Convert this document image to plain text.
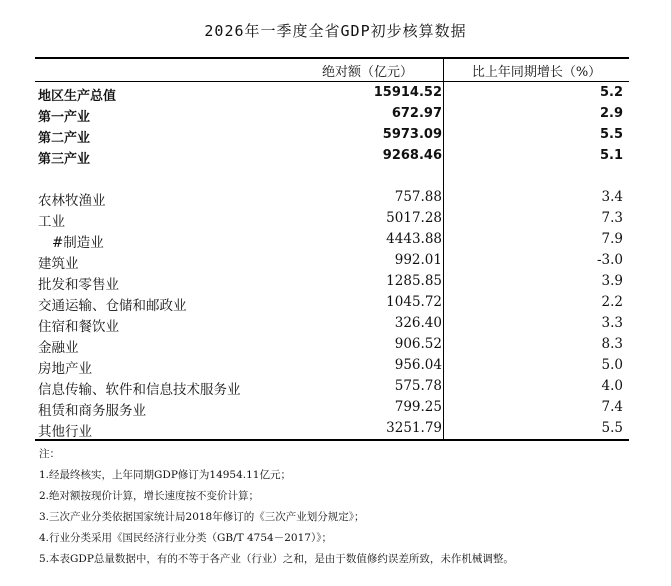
2026年一季度全省GDP初步核算数据
绝对额（亿元）	比上年同期增长（%）
地区生产总值	15914.52	5.2
第一产业	672.97	2.9
第二产业	5973.09	5.5
第三产业	9268.46	5.1
农林牧渔业	757.88	3.4
工业	5017.28	7.3
#制造业	4443.88	7.9
建筑业	992.01	-3.0
批发和零售业	1285.85	3.9
交通运输、仓储和邮政业	1045.72	2.2
住宿和餐饮业	326.40	3.3
金融业	906.52	8.3
房地产业	956.04	5.0
信息传输、软件和信息技术服务业	575.78	4.0
租赁和商务服务业	799.25	7.4
其他行业	3251.79	5.5
注：
1.经最终核实，上年同期GDP修订为14954.11亿元；
2.绝对额按现价计算，增长速度按不变价计算；
3.三次产业分类依据国家统计局2018年修订的《三次产业划分规定》；
4.行业分类采用《国民经济行业分类（GB/T 4754－2017）》；
5.本表GDP总量数据中，有的不等于各产业（行业）之和，是由于数值修约误差所致，未作机械调整。
